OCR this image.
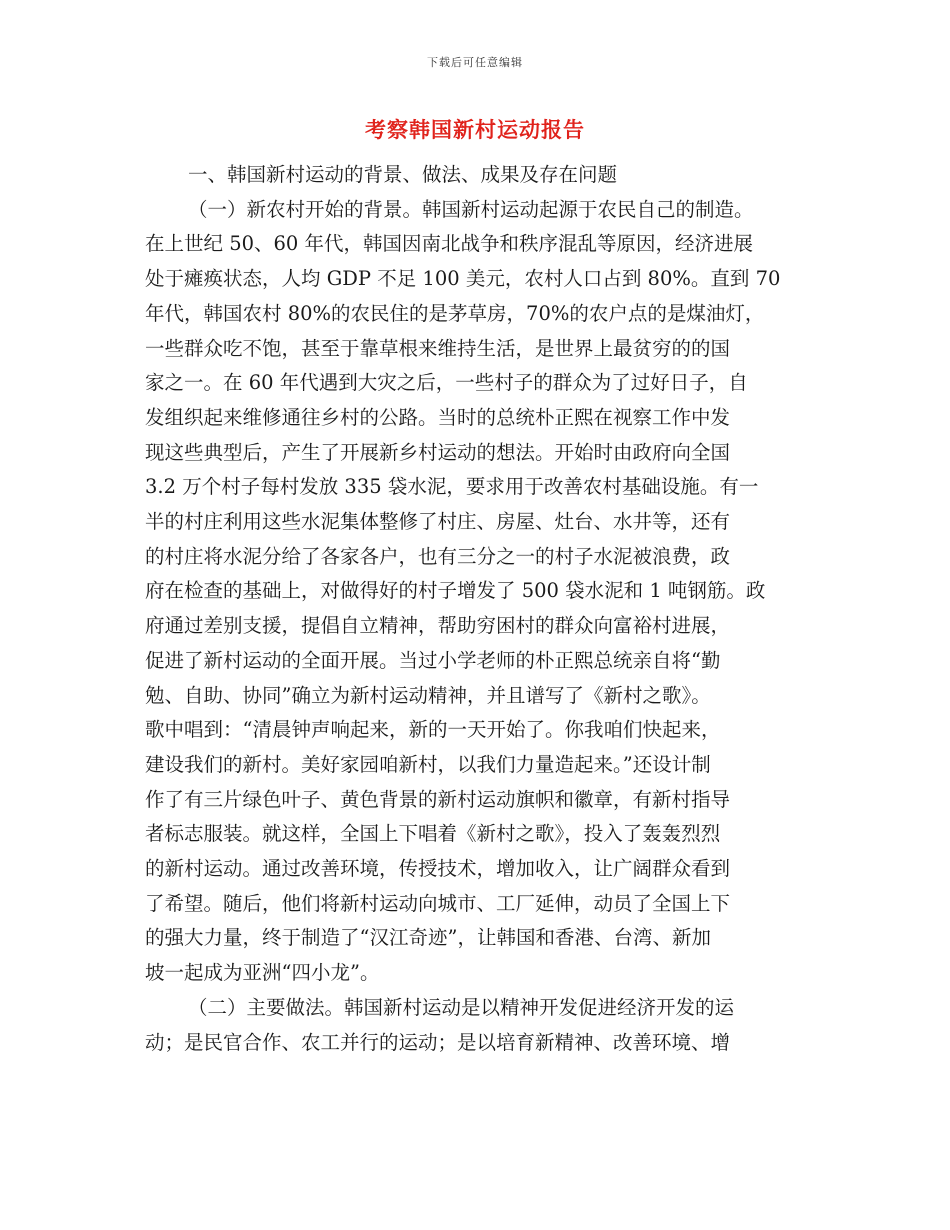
下载后可任意编辑
考察韩国新村运动报告
一、韩国新村运动的背景、做法、成果及存在问题
（一）新农村开始的背景。韩国新村运动起源于农民自己的制造。
在上世纪 50、60 年代，韩国因南北战争和秩序混乱等原因，经济进展
处于瘫痪状态，人均 GDP 不足 100 美元，农村人口占到 80%。直到 70
年代，韩国农村 80%的农民住的是茅草房，70%的农户点的是煤油灯，
一些群众吃不饱，甚至于靠草根来维持生活，是世界上最贫穷的的国
家之一。在 60 年代遇到大灾之后，一些村子的群众为了过好日子，自
发组织起来维修通往乡村的公路。当时的总统朴正熙在视察工作中发
现这些典型后，产生了开展新乡村运动的想法。开始时由政府向全国
3.2 万个村子每村发放 335 袋水泥，要求用于改善农村基础设施。有一
半的村庄利用这些水泥集体整修了村庄、房屋、灶台、水井等，还有
的村庄将水泥分给了各家各户，也有三分之一的村子水泥被浪费，政
府在检查的基础上，对做得好的村子增发了 500 袋水泥和 1 吨钢筋。政
府通过差别支援，提倡自立精神，帮助穷困村的群众向富裕村进展，
促进了新村运动的全面开展。当过小学老师的朴正熙总统亲自将“勤
勉、自助、协同”确立为新村运动精神，并且谱写了《新村之歌》。
歌中唱到：“清晨钟声响起来，新的一天开始了。你我咱们快起来，
建设我们的新村。美好家园咱新村，以我们力量造起来。”还设计制
作了有三片绿色叶子、黄色背景的新村运动旗帜和徽章，有新村指导
者标志服装。就这样，全国上下唱着《新村之歌》，投入了轰轰烈烈
的新村运动。通过改善环境，传授技术，增加收入，让广阔群众看到
了希望。随后，他们将新村运动向城市、工厂延伸，动员了全国上下
的强大力量，终于制造了“汉江奇迹”，让韩国和香港、台湾、新加
坡一起成为亚洲“四小龙”。
（二）主要做法。韩国新村运动是以精神开发促进经济开发的运
动；是民官合作、农工并行的运动；是以培育新精神、改善环境、增
